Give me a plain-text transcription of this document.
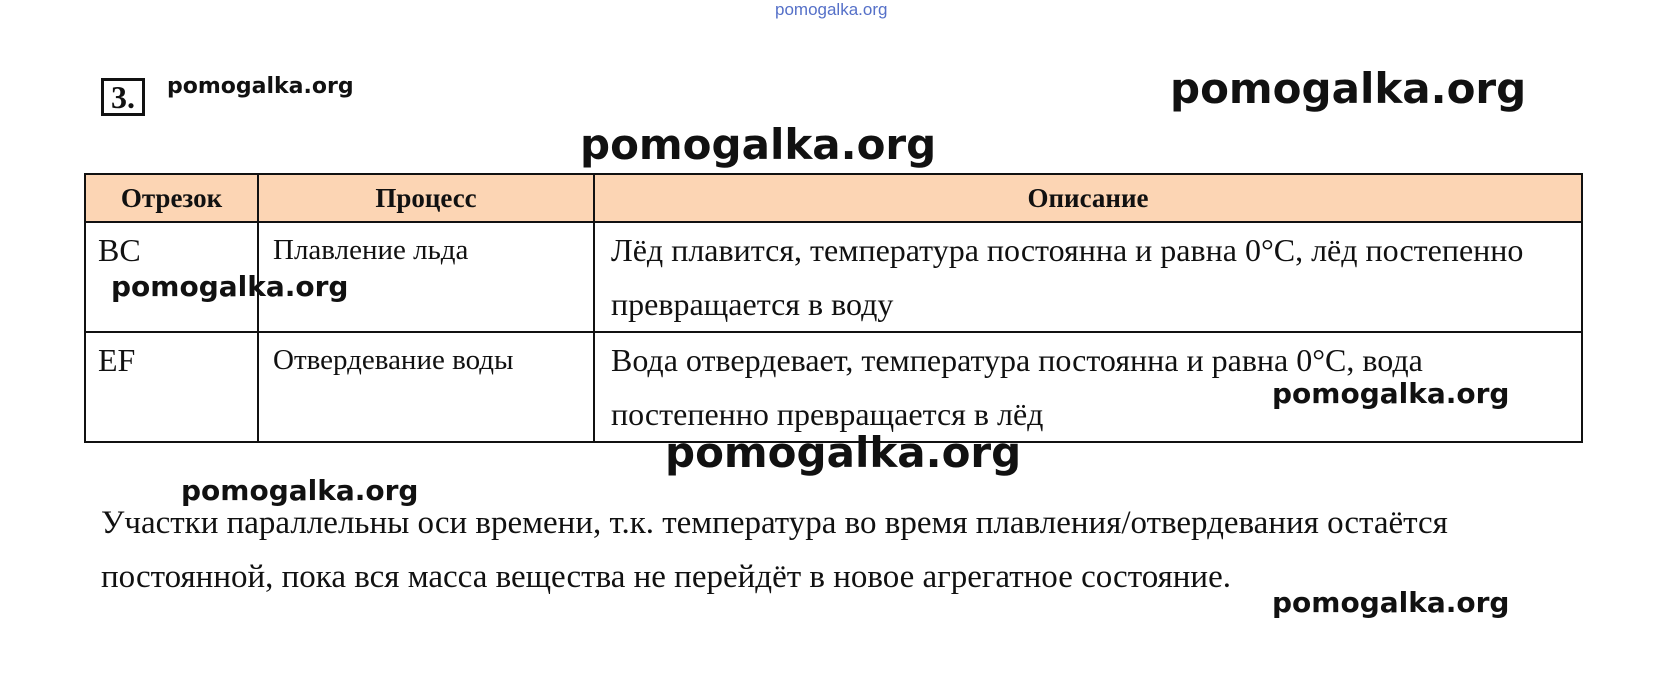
pomogalka.org
3.	pomogalka.org	pomogalka.org
pomogalka.org
Отрезок	Процесс	Описание
BC	Плавление льда	Лёд плавится, температура постоянна и равна 0°C, лёд постепенно превращается в воду
EF	Отвердевание воды	Вода отвердевает, температура постоянна и равна 0°C, вода постепенно превращается в лёд
pomogalka.org
pomogalka.org
pomogalka.org
pomogalka.org
Участки параллельны оси времени, т.к. температура во время плавления/отвердевания остаётся постоянной, пока вся масса вещества не перейдёт в новое агрегатное состояние.
pomogalka.org
